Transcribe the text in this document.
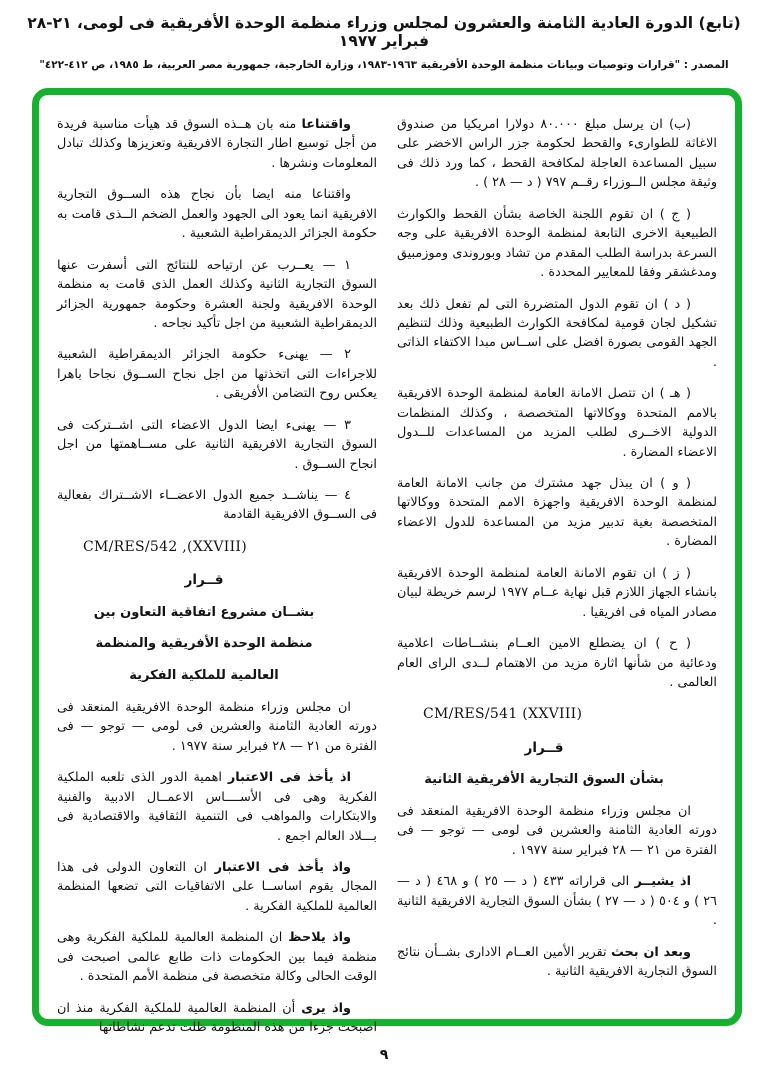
(تابع) الدورة العادية الثامنة والعشرون لمجلس وزراء منظمة الوحدة الأفريقية فى لومى، ٢١-٢٨ فبراير ١٩٧٧
المصدر : "قرارات وتوصيات وبيانات منظمة الوحدة الأفريقية ١٩٦٣-١٩٨٣، وزارة الخارجية، جمهورية مصر العربية، ط ١٩٨٥، ص ٤١٢-٤٢٢"

(ب) ان يرسل مبلغ ٨٠.٠٠٠ دولارا امريكيا من صندوق الاغاثة للطوارىء والقحط لحكومة جزر الراس الاخضر على سبيل المساعدة العاجلة لمكافحة القحط ، كما ورد ذلك فى وثيقة مجلس الــوزراء رقــم ٧٩٧ ( د — ٢٨ ) .

( ج ) ان تقوم اللجنة الخاصة بشأن القحط والكوارث الطبيعية الاخرى التابعة لمنظمة الوحدة الافريقية على وجه السرعة بدراسة الطلب المقدم من تشاد وبوروندى وموزمبيق ومدغشقر وفقا للمعايير المحددة .

( د ) ان تقوم الدول المتضررة التى لم تفعل ذلك بعد تشكيل لجان قومية لمكافحة الكوارث الطبيعية وذلك لتنظيم الجهد القومى بصورة افضل على اســاس مبدا الاكتفاء الذاتى .

( هـ ) ان تتصل الامانة العامة لمنظمة الوحدة الافريقية بالامم المتحدة ووكالاتها المتخصصة ، وكذلك المنظمات الدولية الاخــرى لطلب المزيد من المساعدات للــدول الاعضاء المضارة .

( و ) ان يبذل جهد مشترك من جانب الامانة العامة لمنظمة الوحدة الافريقية واجهزة الامم المتحدة ووكالاتها المتخصصة بغية تدبير مزيد من المساعدة للدول الاعضاء المضارة .

( ز ) ان تقوم الامانة العامة لمنظمة الوحدة الافريقية بانشاء الجهاز اللازم قبل نهاية عــام ١٩٧٧ لرسم خريطة لبيان مصادر المياه فى افريقيا .

( ح ) ان يضطلع الامين العــام بنشــاطات اعلامية ودعائية من شأنها اثارة مزيد من الاهتمام لــدى الراى العام العالمى .

CM/RES/541 (XXVIII)

قــرار

بشأن السوق التجارية الأفريقية الثانية

ان مجلس وزراء منظمة الوحدة الافريقية المنعقد فى دورته العادية الثامنة والعشرين فى لومى — توجو — فى الفترة من ٢١ — ٢٨ فبراير سنة ١٩٧٧ .

اذ يشيــر الى قراراته ٤٣٣ ( د — ٢٥ ) و ٤٦٨ ( د — ٢٦ ) و ٥٠٤ ( د — ٢٧ ) بشأن السوق التجارية الافريقية الثانية .

وبعد ان بحث تقرير الأمين العــام الادارى بشــأن نتائج السوق التجارية الافريقية الثانية .

واقتناعا منه بان هــذه السوق قد هيأت مناسبة فريدة من أجل توسيع اطار التجارة الافريقية وتعزيزها وكذلك تبادل المعلومات ونشرها .

واقتناعا منه ايضا بأن نجاح هذه الســوق التجارية الافريقية انما يعود الى الجهود والعمل الضخم الــذى قامت به حكومة الجزائر الديمقراطية الشعبية .

١ — يعــرب عن ارتياحه للنتائج التى أسفرت عنها السوق التجارية الثانية وكذلك العمل الذى قامت به منظمة الوحدة الافريقية ولجنة العشرة وحكومة جمهورية الجزائر الديمقراطية الشعبية من اجل تأكيد نجاحه .

٢ — يهنىء حكومة الجزائر الديمقراطية الشعبية للاجراءات التى اتخذتها من اجل نجاح الســوق نجاحا باهرا يعكس روح التضامن الأفريقى .

٣ — يهنىء ايضا الدول الاعضاء التى اشــتركت فى السوق التجارية الافريقية الثانية على مســاهمتها من اجل انجاح الســوق .

٤ — يناشــد جميع الدول الاعضــاء الاشــتراك بفعالية فى الســوق الافريقية القادمة

CM/RES/542 ,(XXVIII)

قــرار

بشــان مشروع اتفاقية التعاون بين

منظمة الوحدة الأفريقية والمنظمة

العالمية للملكية الفكرية

ان مجلس وزراء منظمة الوحدة الافريقية المنعقد فى دورته العادية الثامنة والعشرين فى لومى — توجو — فى الفترة من ٢١ — ٢٨ فبراير سنة ١٩٧٧ .

اذ يأخذ فى الاعتبار اهمية الدور الذى تلعبه الملكية الفكرية وهى فى الأســــاس الاعمــال الادبية والفنية والابتكارات والمواهب فى التنمية الثقافية والاقتصادية فى بـــلاد العالم اجمع .

واذ يأخذ فى الاعتبار ان التعاون الدولى فى هذا المجال يقوم اساســا على الاتفاقيات التى تضعها المنظمة العالمية للملكية الفكرية .

واذ يلاحظ ان المنظمة العالمية للملكية الفكرية وهى منظمة فيما بين الحكومات ذات طابع عالمى اصبحت فى الوقت الحالى وكالة متخصصة فى منظمة الأمم المتحدة .

واذ يرى أن المنظمة العالمية للملكية الفكرية منذ ان اصبحت جزءا من هذه المنظومة ظلت تدعم نشاطاتها

٩
